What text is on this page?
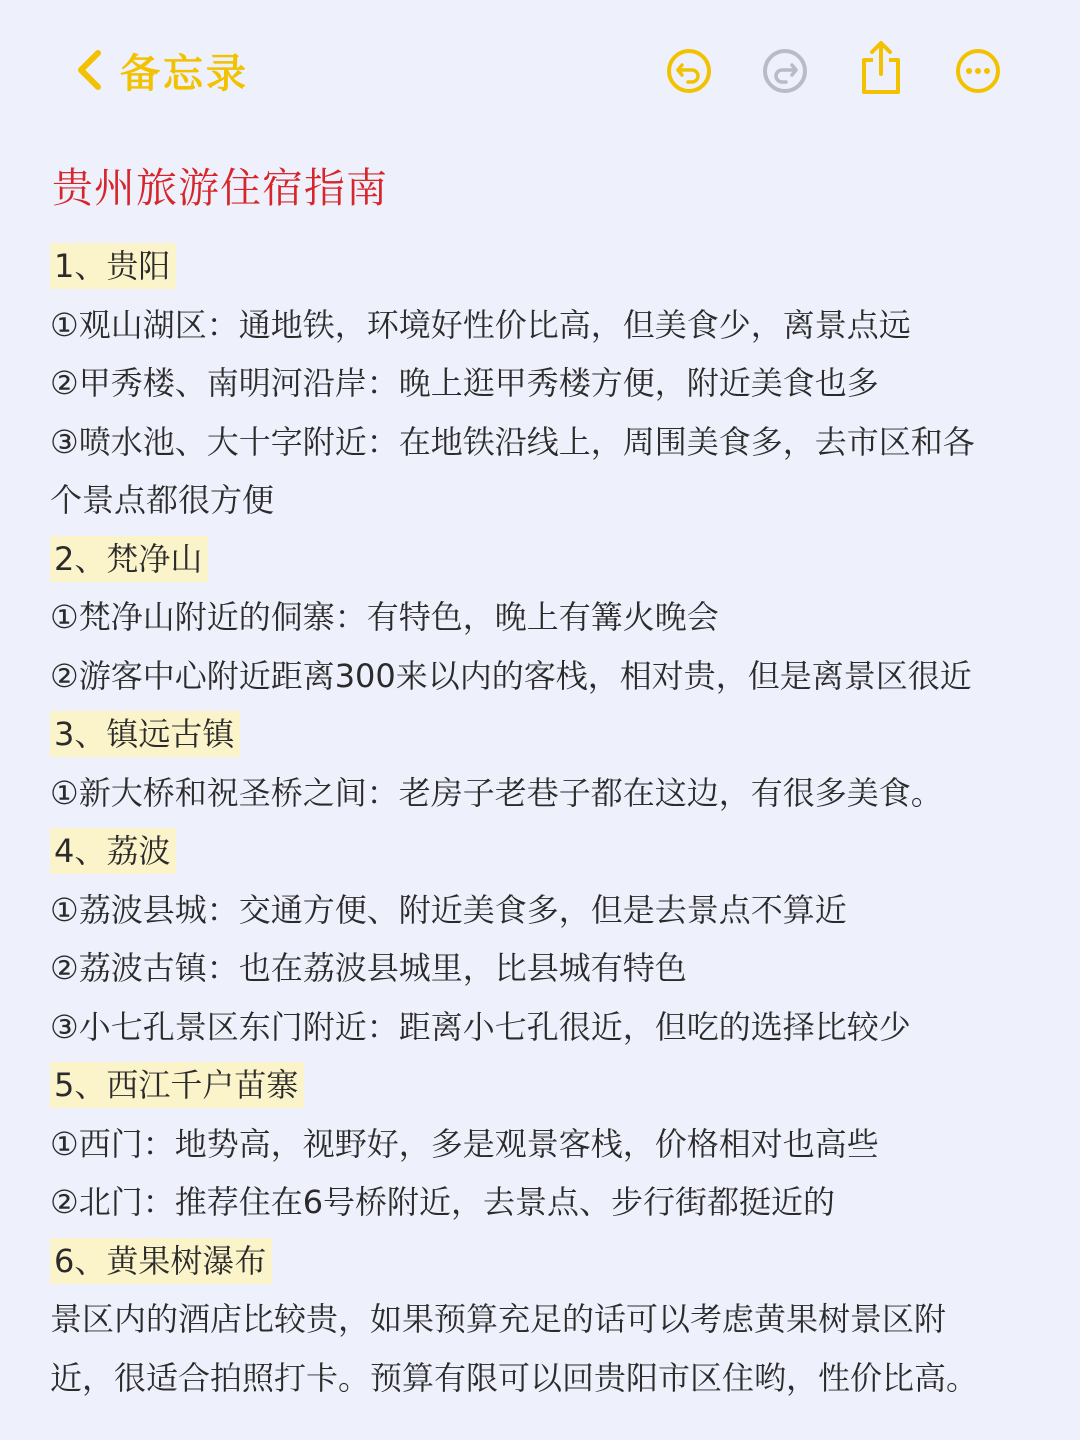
备忘录
贵州旅游住宿指南
1、贵阳
①观山湖区：通地铁，环境好性价比高，但美食少，离景点远
②甲秀楼、南明河沿岸：晚上逛甲秀楼方便，附近美食也多
③喷水池、大十字附近：在地铁沿线上，周围美食多，去市区和各
个景点都很方便
2、梵净山
①梵净山附近的侗寨：有特色，晚上有篝火晚会
②游客中心附近距离300来以内的客栈，相对贵，但是离景区很近
3、镇远古镇
①新大桥和祝圣桥之间：老房子老巷子都在这边，有很多美食。
4、荔波
①荔波县城：交通方便、附近美食多，但是去景点不算近
②荔波古镇：也在荔波县城里，比县城有特色
③小七孔景区东门附近：距离小七孔很近，但吃的选择比较少
5、西江千户苗寨
①西门：地势高，视野好，多是观景客栈，价格相对也高些
②北门：推荐住在6号桥附近，去景点、步行街都挺近的
6、黄果树瀑布
景区内的酒店比较贵，如果预算充足的话可以考虑黄果树景区附
近，很适合拍照打卡。预算有限可以回贵阳市区住哟，性价比高。
